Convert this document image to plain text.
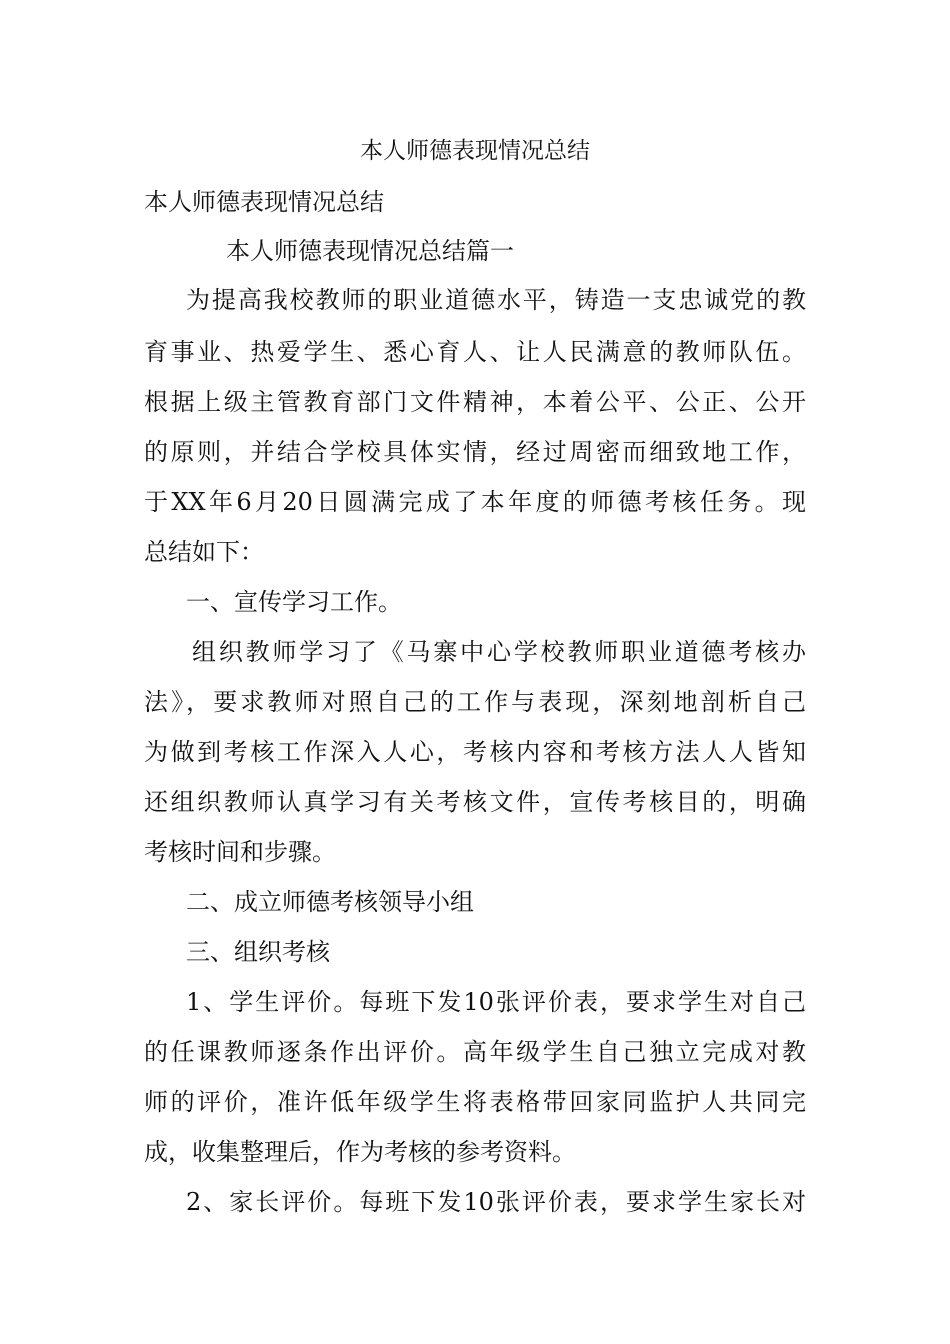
本人师德表现情况总结
本人师德表现情况总结
本人师德表现情况总结篇一
为提高我校教师的职业道德水平，铸造一支忠诚党的教
育事业、热爱学生、悉心育人、让人民满意的教师队伍。
根据上级主管教育部门文件精神，本着公平、公正、公开
的原则，并结合学校具体实情，经过周密而细致地工作，
于XX年6月20日圆满完成了本年度的师德考核任务。现
总结如下：
一、宣传学习工作。
组织教师学习了《马寨中心学校教师职业道德考核办
法》，要求教师对照自己的工作与表现，深刻地剖析自己
为做到考核工作深入人心，考核内容和考核方法人人皆知
还组织教师认真学习有关考核文件，宣传考核目的，明确
考核时间和步骤。
二、成立师德考核领导小组
三、组织考核
1、学生评价。每班下发10张评价表，要求学生对自己
的任课教师逐条作出评价。高年级学生自己独立完成对教
师的评价，准许低年级学生将表格带回家同监护人共同完
成，收集整理后，作为考核的参考资料。
2、家长评价。每班下发10张评价表，要求学生家长对
